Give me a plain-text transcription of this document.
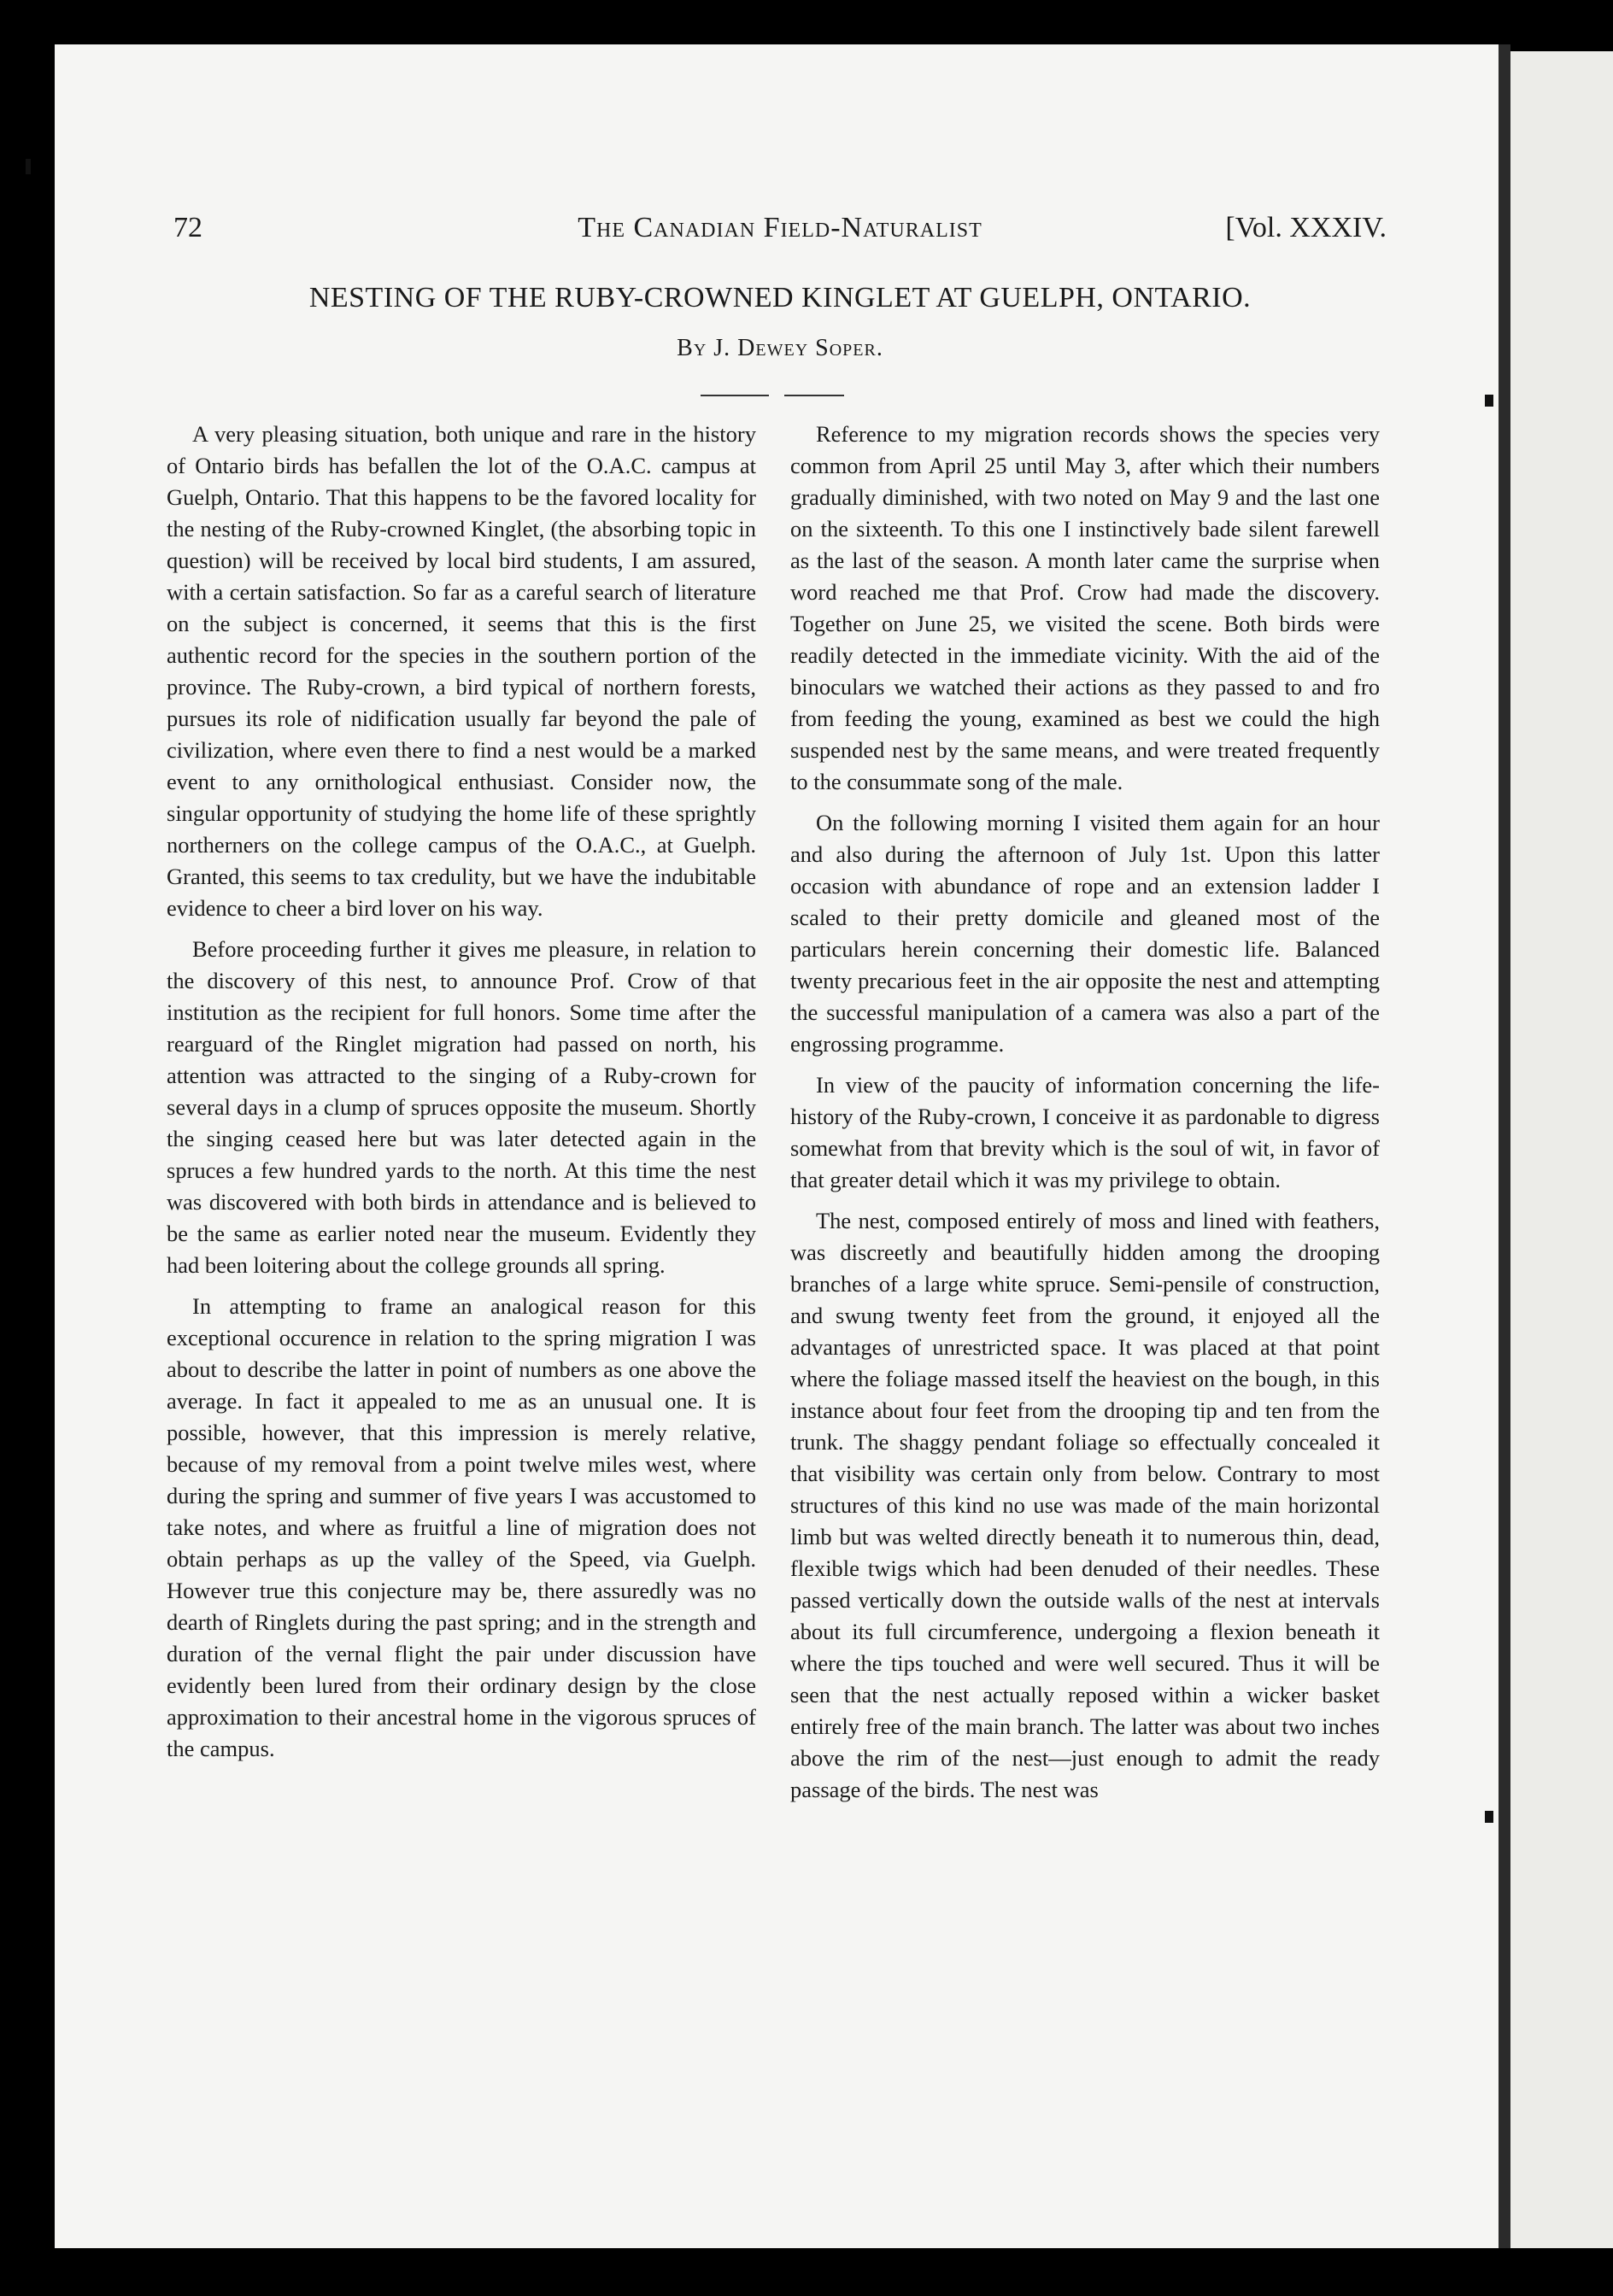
72	The Canadian Field-Naturalist	[Vol. XXXIV.
NESTING OF THE RUBY-CROWNED KINGLET AT GUELPH, ONTARIO.
By J. Dewey Soper.

A very pleasing situation, both unique and rare in the history of Ontario birds has befallen the lot of the O.A.C. campus at Guelph, Ontario. That this happens to be the favored locality for the nesting of the Ruby-crowned Kinglet, (the absorbing topic in question) will be received by local bird students, I am assured, with a certain satisfaction. So far as a careful search of literature on the subject is concerned, it seems that this is the first authentic record for the species in the southern portion of the province. The Ruby-crown, a bird typical of northern forests, pursues its role of nidification usually far beyond the pale of civilization, where even there to find a nest would be a marked event to any ornithological enthusiast. Consider now, the singular opportunity of studying the home life of these sprightly northerners on the college campus of the O.A.C., at Guelph. Granted, this seems to tax credulity, but we have the indubitable evidence to cheer a bird lover on his way.

Before proceeding further it gives me pleasure, in relation to the discovery of this nest, to announce Prof. Crow of that institution as the recipient for full honors. Some time after the rearguard of the Ringlet migration had passed on north, his attention was attracted to the singing of a Ruby-crown for several days in a clump of spruces opposite the museum. Shortly the singing ceased here but was later detected again in the spruces a few hundred yards to the north. At this time the nest was discovered with both birds in attendance and is believed to be the same as earlier noted near the museum. Evidently they had been loitering about the college grounds all spring.

In attempting to frame an analogical reason for this exceptional occurence in relation to the spring migration I was about to describe the latter in point of numbers as one above the average. In fact it appealed to me as an unusual one. It is possible, however, that this impression is merely relative, because of my removal from a point twelve miles west, where during the spring and summer of five years I was accustomed to take notes, and where as fruitful a line of migration does not obtain perhaps as up the valley of the Speed, via Guelph. However true this conjecture may be, there assuredly was no dearth of Ringlets during the past spring; and in the strength and duration of the vernal flight the pair under discussion have evidently been lured from their ordinary design by the close approximation to their ancestral home in the vigorous spruces of the campus.

Reference to my migration records shows the species very common from April 25 until May 3, after which their numbers gradually diminished, with two noted on May 9 and the last one on the sixteenth. To this one I instinctively bade silent farewell as the last of the season. A month later came the surprise when word reached me that Prof. Crow had made the discovery. Together on June 25, we visited the scene. Both birds were readily detected in the immediate vicinity. With the aid of the binoculars we watched their actions as they passed to and fro from feeding the young, examined as best we could the high suspended nest by the same means, and were treated frequently to the consummate song of the male.

On the following morning I visited them again for an hour and also during the afternoon of July 1st. Upon this latter occasion with abundance of rope and an extension ladder I scaled to their pretty domicile and gleaned most of the particulars herein concerning their domestic life. Balanced twenty precarious feet in the air opposite the nest and attempting the successful manipulation of a camera was also a part of the engrossing programme.

In view of the paucity of information concerning the life-history of the Ruby-crown, I conceive it as pardonable to digress somewhat from that brevity which is the soul of wit, in favor of that greater detail which it was my privilege to obtain.

The nest, composed entirely of moss and lined with feathers, was discreetly and beautifully hidden among the drooping branches of a large white spruce. Semi-pensile of construction, and swung twenty feet from the ground, it enjoyed all the advantages of unrestricted space. It was placed at that point where the foliage massed itself the heaviest on the bough, in this instance about four feet from the drooping tip and ten from the trunk. The shaggy pendant foliage so effectually concealed it that visibility was certain only from below. Contrary to most structures of this kind no use was made of the main horizontal limb but was welted directly beneath it to numerous thin, dead, flexible twigs which had been denuded of their needles. These passed vertically down the outside walls of the nest at intervals about its full circumference, undergoing a flexion beneath it where the tips touched and were well secured. Thus it will be seen that the nest actually reposed within a wicker basket entirely free of the main branch. The latter was about two inches above the rim of the nest—just enough to admit the ready passage of the birds. The nest was
